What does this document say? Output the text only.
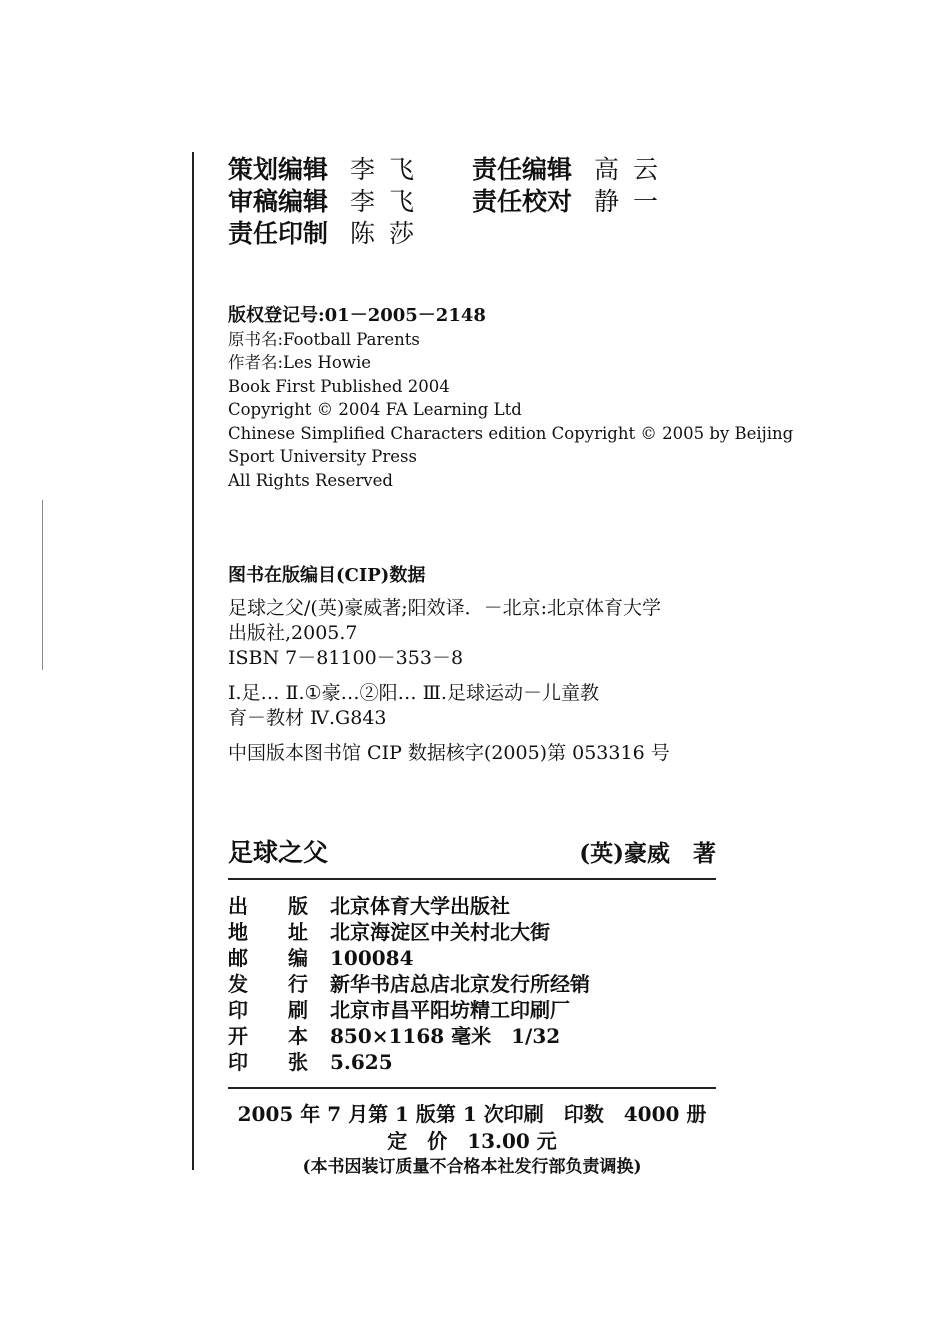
策划编辑 李飞	责任编辑 高云
审稿编辑 李飞	责任校对 静一
责任印制 陈莎
版权登记号:01－2005－2148
原书名:Football Parents
作者名:Les Howie
Book First Published 2004
Copyright © 2004 FA Learning Ltd
Chinese Simplified Characters edition Copyright © 2005 by Beijing
Sport University Press
All Rights Reserved
图书在版编目(CIP)数据
足球之父/(英)豪威著;阳效译．－北京:北京体育大学
出版社,2005.7
ISBN 7－81100－353－8
Ⅰ.足… Ⅱ.①豪…②阳… Ⅲ.足球运动－儿童教
育－教材 Ⅳ.G843
中国版本图书馆 CIP 数据核字(2005)第 053316 号
足球之父	(英)豪威　著
出	版	北京体育大学出版社
地	址	北京海淀区中关村北大街
邮	编	100084
发	行	新华书店总店北京发行所经销
印	刷	北京市昌平阳坊精工印刷厂
开	本	850×1168 毫米　1/32
印	张	5.625
2005 年 7 月第 1 版第 1 次印刷　印数　4000 册
定　价　13.00 元
(本书因装订质量不合格本社发行部负责调换)
